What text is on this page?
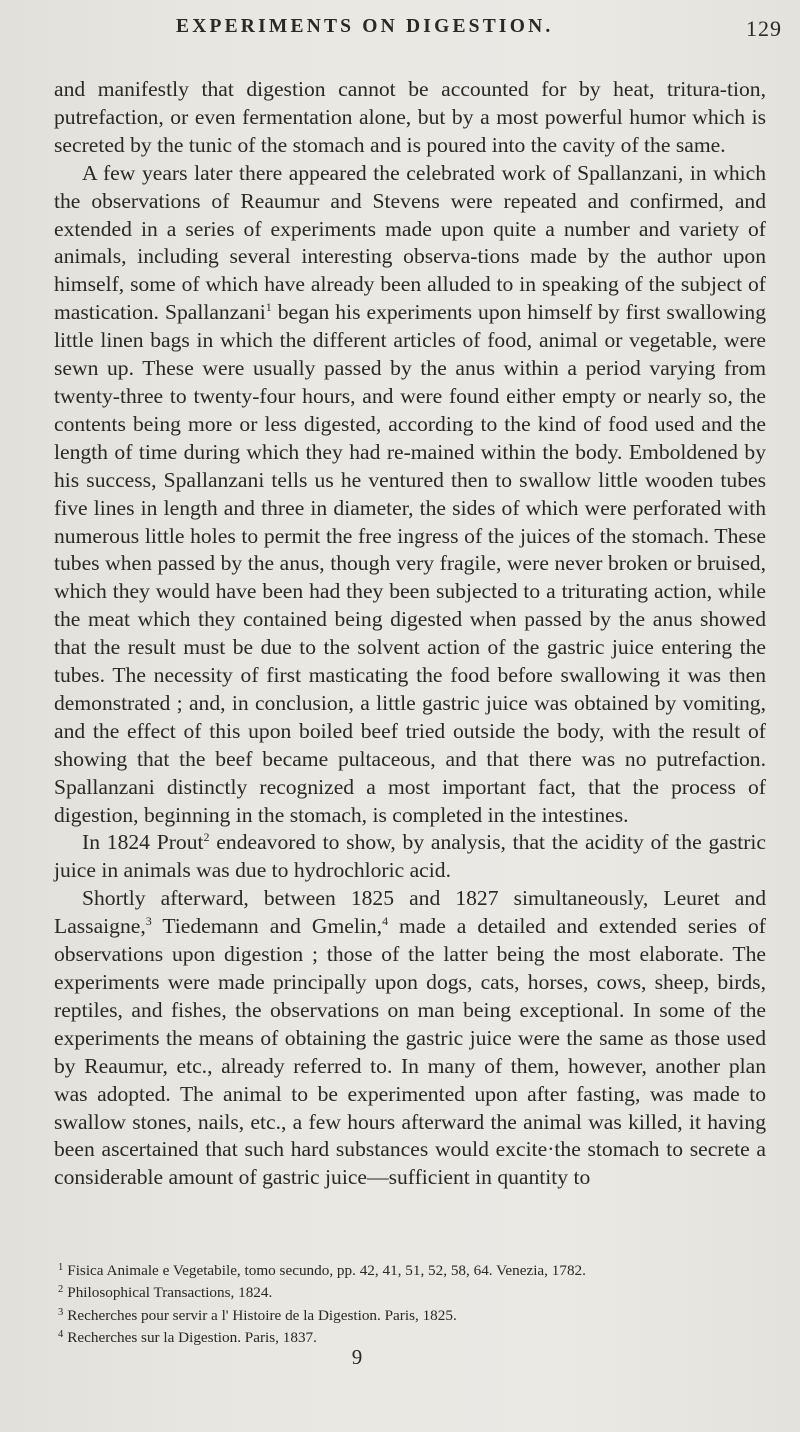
EXPERIMENTS ON DIGESTION.	129

and manifestly that digestion cannot be accounted for by heat, tritura-tion, putrefaction, or even fermentation alone, but by a most powerful humor which is secreted by the tunic of the stomach and is poured into the cavity of the same.

A few years later there appeared the celebrated work of Spallanzani, in which the observations of Reaumur and Stevens were repeated and confirmed, and extended in a series of experiments made upon quite a number and variety of animals, including several interesting observa-tions made by the author upon himself, some of which have already been alluded to in speaking of the subject of mastication. Spallanzani$^1$ began his experiments upon himself by first swallowing little linen bags in which the different articles of food, animal or vegetable, were sewn up. These were usually passed by the anus within a period varying from twenty-three to twenty-four hours, and were found either empty or nearly so, the contents being more or less digested, according to the kind of food used and the length of time during which they had re-mained within the body. Emboldened by his success, Spallanzani tells us he ventured then to swallow little wooden tubes five lines in length and three in diameter, the sides of which were perforated with numerous little holes to permit the free ingress of the juices of the stomach. These tubes when passed by the anus, though very fragile, were never broken or bruised, which they would have been had they been subjected to a triturating action, while the meat which they contained being digested when passed by the anus showed that the result must be due to the solvent action of the gastric juice entering the tubes. The necessity of first masticating the food before swallowing it was then demonstrated ; and, in conclusion, a little gastric juice was obtained by vomiting, and the effect of this upon boiled beef tried outside the body, with the result of showing that the beef became pultaceous, and that there was no putrefaction. Spallanzani distinctly recognized a most important fact, that the process of digestion, beginning in the stomach, is completed in the intestines.

In 1824 Prout$^2$ endeavored to show, by analysis, that the acidity of the gastric juice in animals was due to hydrochloric acid.

Shortly afterward, between 1825 and 1827 simultaneously, Leuret and Lassaigne,$^3$ Tiedemann and Gmelin,$^4$ made a detailed and extended series of observations upon digestion ; those of the latter being the most elaborate. The experiments were made principally upon dogs, cats, horses, cows, sheep, birds, reptiles, and fishes, the observations on man being exceptional. In some of the experiments the means of obtaining the gastric juice were the same as those used by Reaumur, etc., already referred to. In many of them, however, another plan was adopted. The animal to be experimented upon after fasting, was made to swallow stones, nails, etc., a few hours afterward the animal was killed, it having been ascertained that such hard substances would excite·the stomach to secrete a considerable amount of gastric juice—sufficient in quantity to

$^1$ Fisica Animale e Vegetabile, tomo secundo, pp. 42, 41, 51, 52, 58, 64. Venezia, 1782.
$^2$ Philosophical Transactions, 1824.
$^3$ Recherches pour servir a l' Histoire de la Digestion. Paris, 1825.
$^4$ Recherches sur la Digestion. Paris, 1837.
9
